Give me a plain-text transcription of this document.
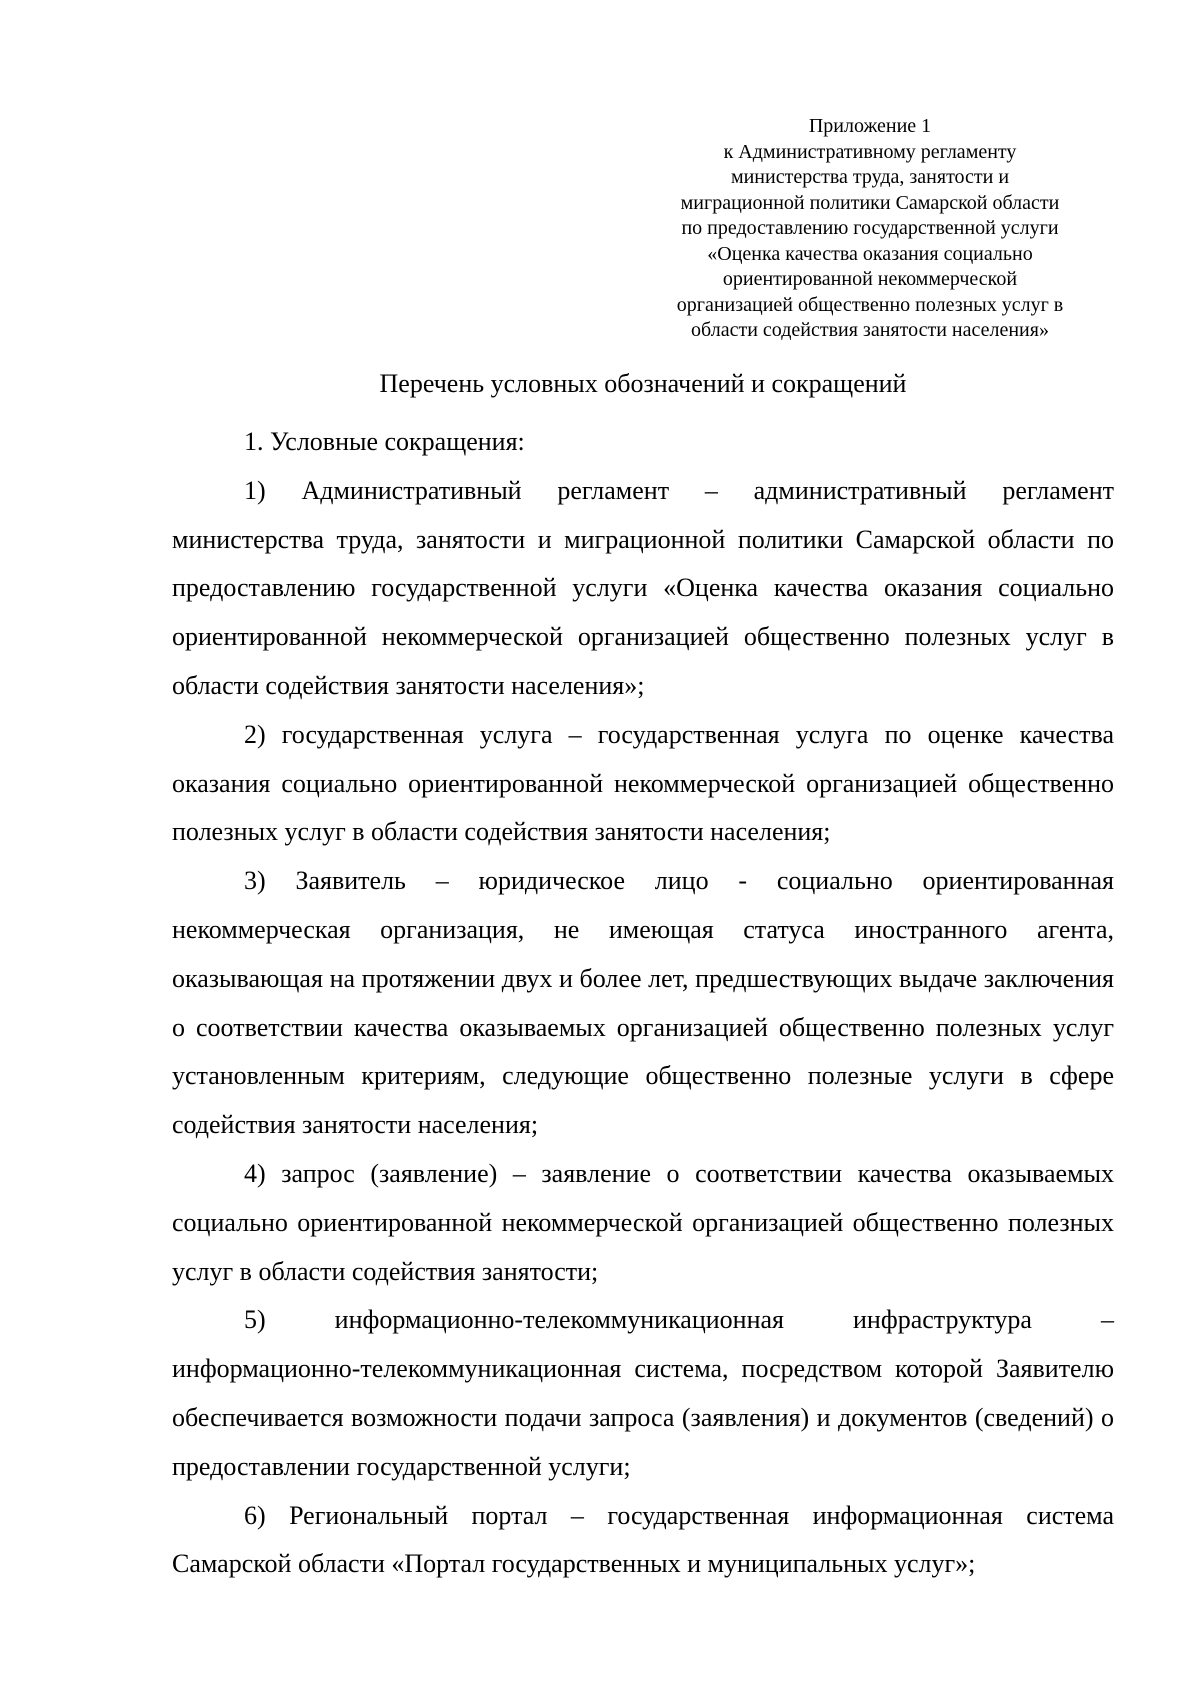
Приложение 1
к Административному регламенту
министерства труда, занятости и
миграционной политики Самарской области
по предоставлению государственной услуги
«Оценка качества оказания социально
ориентированной некоммерческой
организацией общественно полезных услуг в
области содействия занятости населения»
Перечень условных обозначений и сокращений

1. Условные сокращения:

1) Административный регламент – административный регламент министерства труда, занятости и миграционной политики Самарской области по предоставлению государственной услуги «Оценка качества оказания социально ориентированной некоммерческой организацией общественно полезных услуг в области содействия занятости населения»;

2) государственная услуга – государственная услуга по оценке качества оказания социально ориентированной некоммерческой организацией общественно полезных услуг в области содействия занятости населения;

3) Заявитель – юридическое лицо - социально ориентированная некоммерческая организация, не имеющая статуса иностранного агента, оказывающая на протяжении двух и более лет, предшествующих выдаче заключения о соответствии качества оказываемых организацией общественно полезных услуг установленным критериям, следующие общественно полезные услуги в сфере содействия занятости населения;

4) запрос (заявление) – заявление о соответствии качества оказываемых социально ориентированной некоммерческой организацией общественно полезных услуг в области содействия занятости;

5) информационно-телекоммуникационная инфраструктура – информационно-телекоммуникационная система, посредством которой Заявителю обеспечивается возможности подачи запроса (заявления) и документов (сведений) о предоставлении государственной услуги;

6) Региональный портал – государственная информационная система Самарской области «Портал государственных и муниципальных услуг»;
